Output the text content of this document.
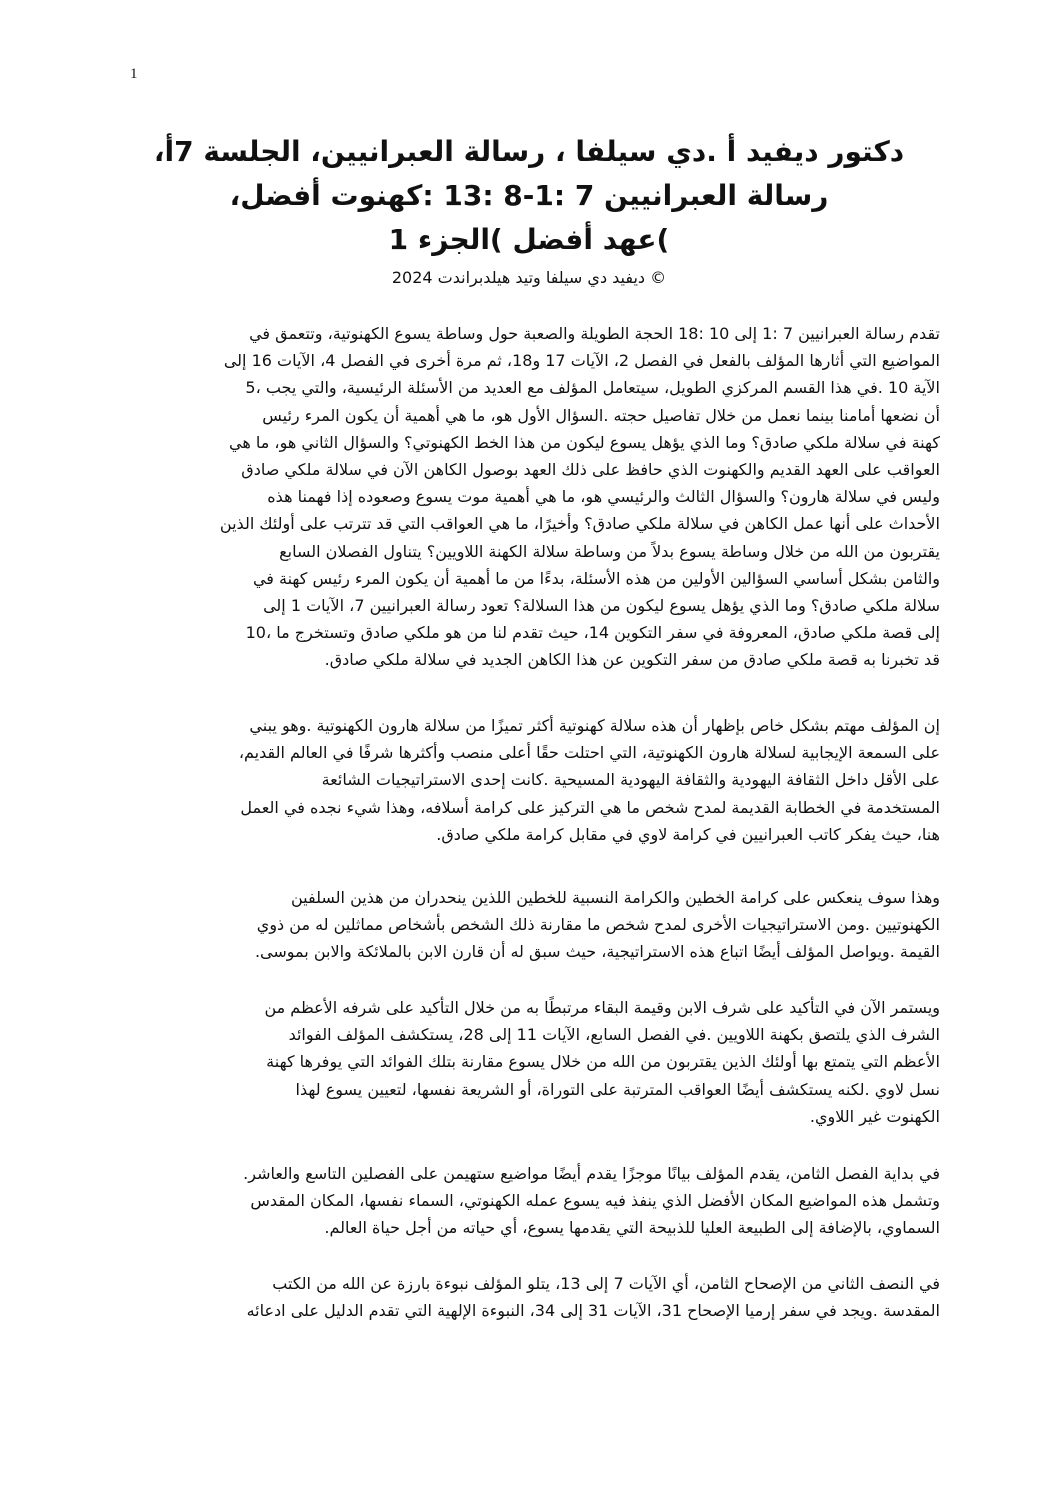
1
،دكتور ديفيد أ .دي سيلفا ، رسالة العبرانيين، الجلسة 7أ
،رسالة العبرانيين 7 :1-8 :13 :كهنوت أفضل
عهد أفضل )الجزء 1(
ديفيد دي سيلفا وتيد هيلدبراندت 2024 ©
تقدم رسالة العبرانيين 7 :1 إلى 10 :18 الحجة الطويلة والصعبة حول وساطة يسوع الكهنوتية، وتتعمق في
المواضيع التي أثارها المؤلف بالفعل في الفصل 2، الآيات 17 و18، ثم مرة أخرى في الفصل 4، الآيات 16 إلى
الآية 10 .في هذا القسم المركزي الطويل، سيتعامل المؤلف مع العديد من الأسئلة الرئيسية، والتي يجب ،5
أن نضعها أمامنا بينما نعمل من خلال تفاصيل حجته .السؤال الأول هو، ما هي أهمية أن يكون المرء رئيس
كهنة في سلالة ملكي صادق؟ وما الذي يؤهل يسوع ليكون من هذا الخط الكهنوتي؟ والسؤال الثاني هو، ما هي
العواقب على العهد القديم والكهنوت الذي حافظ على ذلك العهد بوصول الكاهن الآن في سلالة ملكي صادق
وليس في سلالة هارون؟ والسؤال الثالث والرئيسي هو، ما هي أهمية موت يسوع وصعوده إذا فهمنا هذه
الأحداث على أنها عمل الكاهن في سلالة ملكي صادق؟ وأخيرًا، ما هي العواقب التي قد تترتب على أولئك الذين
يقتربون من الله من خلال وساطة يسوع بدلاً من وساطة سلالة الكهنة اللاويين؟ يتناول الفصلان السابع
والثامن بشكل أساسي السؤالين الأولين من هذه الأسئلة، بدءًا من ما أهمية أن يكون المرء رئيس كهنة في
سلالة ملكي صادق؟ وما الذي يؤهل يسوع ليكون من هذا السلالة؟ تعود رسالة العبرانيين 7، الآيات 1 إلى
إلى قصة ملكي صادق، المعروفة في سفر التكوين 14، حيث تقدم لنا من هو ملكي صادق وتستخرج ما ،10
.قد تخبرنا به قصة ملكي صادق من سفر التكوين عن هذا الكاهن الجديد في سلالة ملكي صادق
إن المؤلف مهتم بشكل خاص بإظهار أن هذه سلالة كهنوتية أكثر تميزًا من سلالة هارون الكهنوتية .وهو يبني
،على السمعة الإيجابية لسلالة هارون الكهنوتية، التي احتلت حقًا أعلى منصب وأكثرها شرفًا في العالم القديم
على الأقل داخل الثقافة اليهودية والثقافة اليهودية المسيحية .كانت إحدى الاستراتيجيات الشائعة
المستخدمة في الخطابة القديمة لمدح شخص ما هي التركيز على كرامة أسلافه، وهذا شيء نجده في العمل
.هنا، حيث يفكر كاتب العبرانيين في كرامة لاوي في مقابل كرامة ملكي صادق
وهذا سوف ينعكس على كرامة الخطين والكرامة النسبية للخطين اللذين ينحدران من هذين السلفين
الكهنوتيين .ومن الاستراتيجيات الأخرى لمدح شخص ما مقارنة ذلك الشخص بأشخاص مماثلين له من ذوي
.القيمة .ويواصل المؤلف أيضًا اتباع هذه الاستراتيجية، حيث سبق له أن قارن الابن بالملائكة والابن بموسى
ويستمر الآن في التأكيد على شرف الابن وقيمة البقاء مرتبطًا به من خلال التأكيد على شرفه الأعظم من
الشرف الذي يلتصق بكهنة اللاويين .في الفصل السابع، الآيات 11 إلى 28، يستكشف المؤلف الفوائد
الأعظم التي يتمتع بها أولئك الذين يقتربون من الله من خلال يسوع مقارنة بتلك الفوائد التي يوفرها كهنة
نسل لاوي .لكنه يستكشف أيضًا العواقب المترتبة على التوراة، أو الشريعة نفسها، لتعيين يسوع لهذا
.الكهنوت غير اللاوي
.في بداية الفصل الثامن، يقدم المؤلف بيانًا موجزًا يقدم أيضًا مواضيع ستهيمن على الفصلين التاسع والعاشر
وتشمل هذه المواضيع المكان الأفضل الذي ينفذ فيه يسوع عمله الكهنوتي، السماء نفسها، المكان المقدس
.السماوي، بالإضافة إلى الطبيعة العليا للذبيحة التي يقدمها يسوع، أي حياته من أجل حياة العالم
في النصف الثاني من الإصحاح الثامن، أي الآيات 7 إلى 13، يتلو المؤلف نبوءة بارزة عن الله من الكتب
المقدسة .ويجد في سفر إرميا الإصحاح 31، الآيات 31 إلى 34، النبوءة الإلهية التي تقدم الدليل على ادعائه
